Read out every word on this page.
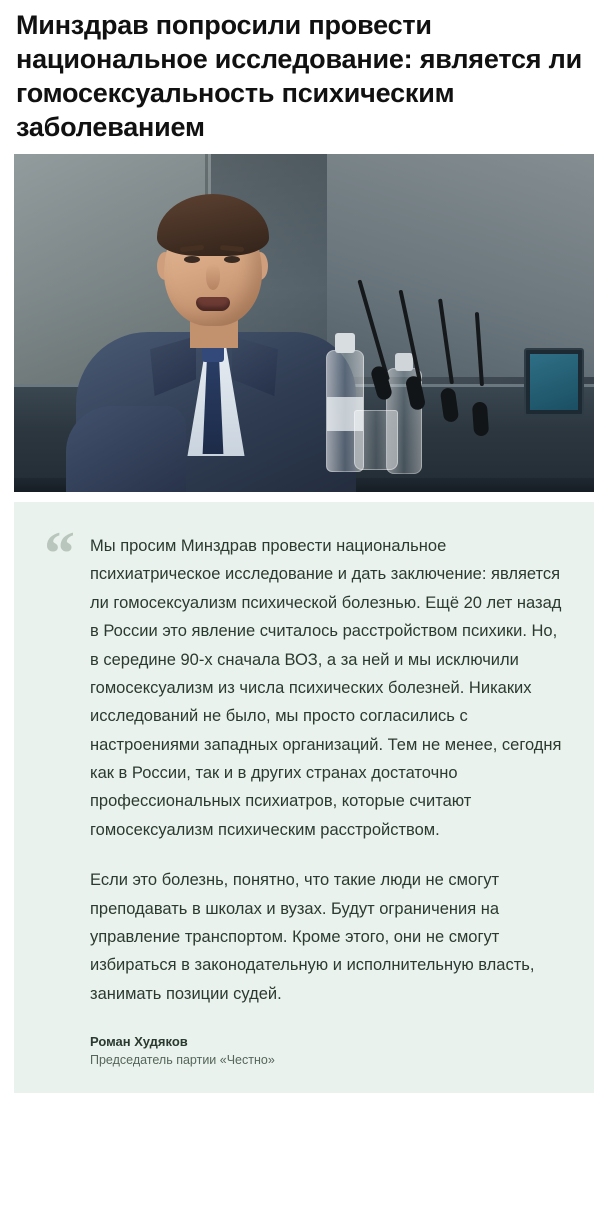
Минздрав попросили провести национальное исследование: является ли гомосексуальность психическим заболеванием
“ Мы просим Минздрав провести национальное психиатрическое исследование и дать заключение: является ли гомосексуализм психической болезнью. Ещё 20 лет назад в России это явление считалось расстройством психики. Но, в середине 90-х сначала ВОЗ, а за ней и мы исключили гомосексуализм из числа психических болезней. Никаких исследований не было, мы просто согласились с настроениями западных организаций. Тем не менее, сегодня как в России, так и в других странах достаточно профессиональных психиатров, которые считают гомосексуализм психическим расстройством.

Если это болезнь, понятно, что такие люди не смогут преподавать в школах и вузах. Будут ограничения на управление транспортом. Кроме этого, они не смогут избираться в законодательную и исполнительную власть, занимать позиции судей.

Роман Худяков
Председатель партии «Честно»
